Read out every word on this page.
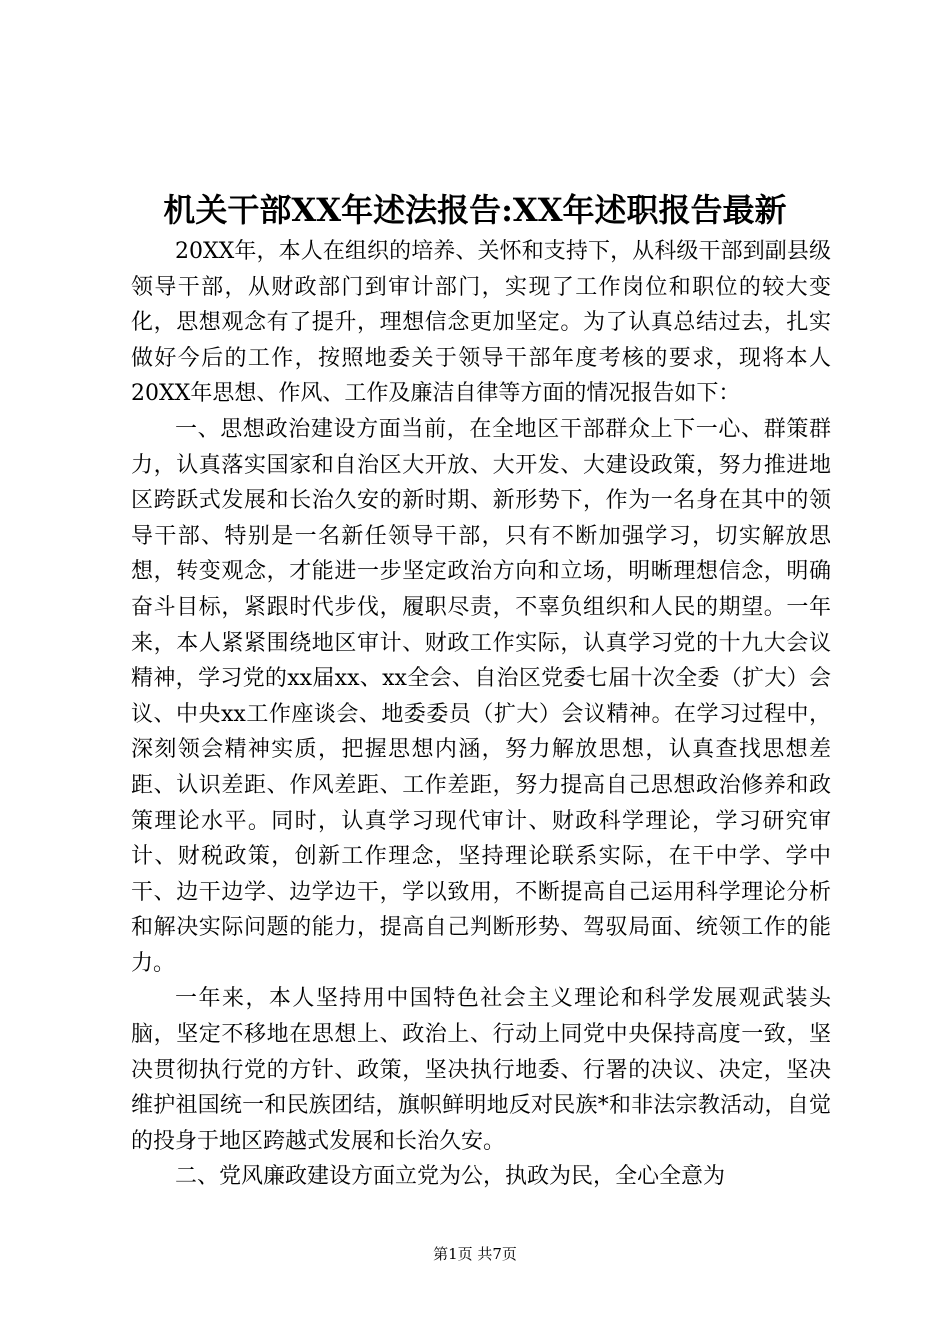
机关干部XX年述法报告:XX年述职报告最新

20XX年，本人在组织的培养、关怀和支持下，从科级干部到副县级领导干部，从财政部门到审计部门，实现了工作岗位和职位的较大变化，思想观念有了提升，理想信念更加坚定。为了认真总结过去，扎实做好今后的工作，按照地委关于领导干部年度考核的要求，现将本人20XX年思想、作风、工作及廉洁自律等方面的情况报告如下：

一、思想政治建设方面当前，在全地区干部群众上下一心、群策群力，认真落实国家和自治区大开放、大开发、大建设政策，努力推进地区跨跃式发展和长治久安的新时期、新形势下，作为一名身在其中的领导干部、特别是一名新任领导干部，只有不断加强学习，切实解放思想，转变观念，才能进一步坚定政治方向和立场，明晰理想信念，明确奋斗目标，紧跟时代步伐，履职尽责，不辜负组织和人民的期望。一年来，本人紧紧围绕地区审计、财政工作实际，认真学习党的十九大会议精神，学习党的xx届xx、xx全会、自治区党委七届十次全委（扩大）会议、中央xx工作座谈会、地委委员（扩大）会议精神。在学习过程中，深刻领会精神实质，把握思想内涵，努力解放思想，认真查找思想差距、认识差距、作风差距、工作差距，努力提高自己思想政治修养和政策理论水平。同时，认真学习现代审计、财政科学理论，学习研究审计、财税政策，创新工作理念，坚持理论联系实际，在干中学、学中干、边干边学、边学边干，学以致用，不断提高自己运用科学理论分析和解决实际问题的能力，提高自己判断形势、驾驭局面、统领工作的能力。

一年来，本人坚持用中国特色社会主义理论和科学发展观武装头脑，坚定不移地在思想上、政治上、行动上同党中央保持高度一致，坚决贯彻执行党的方针、政策，坚决执行地委、行署的决议、决定，坚决维护祖国统一和民族团结，旗帜鲜明地反对民族*和非法宗教活动，自觉的投身于地区跨越式发展和长治久安。

二、党风廉政建设方面立党为公，执政为民，全心全意为

第1页 共7页
